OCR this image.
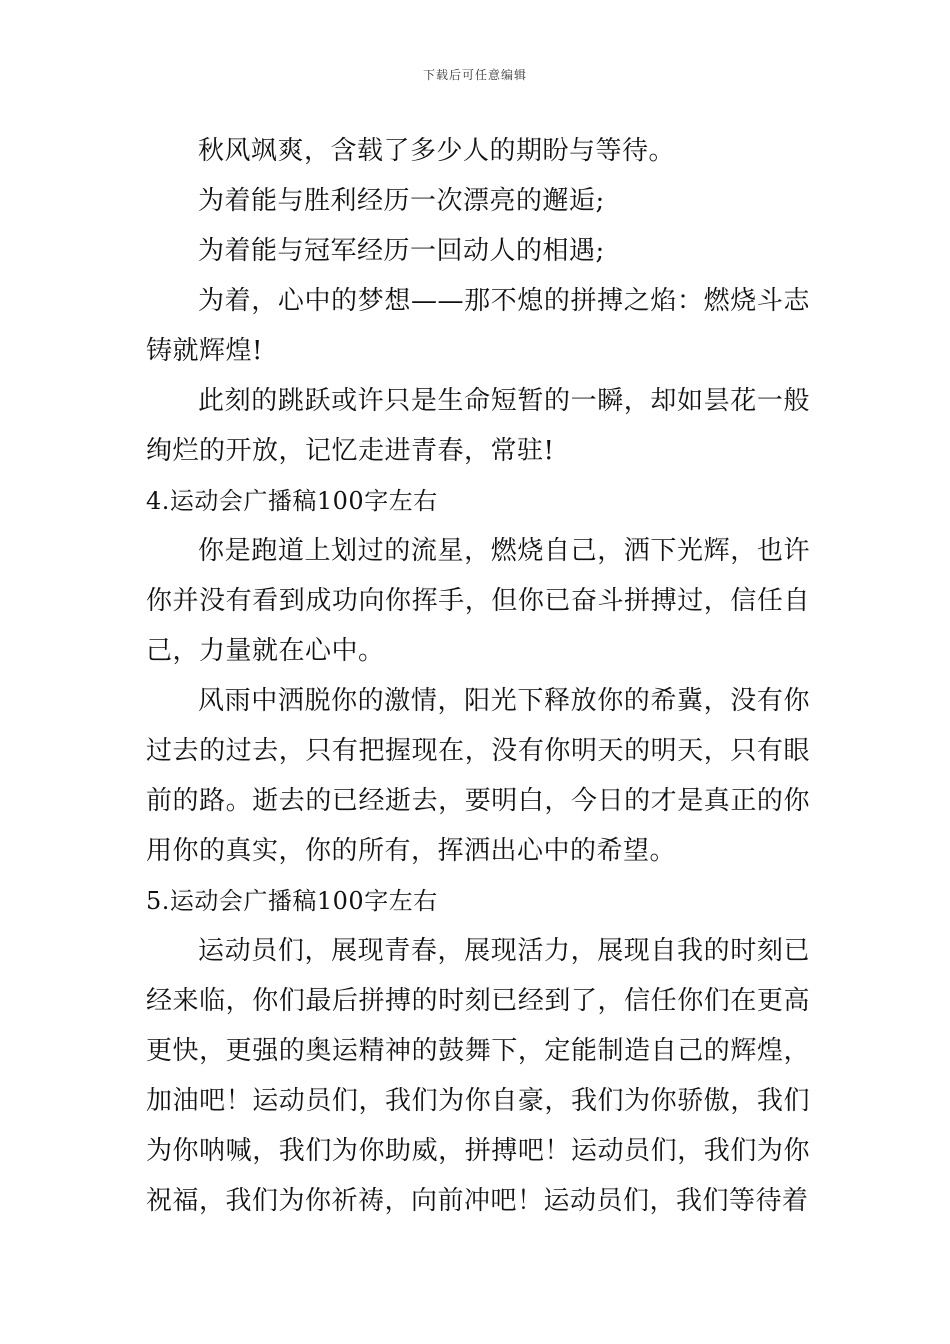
下载后可任意编辑

秋风飒爽，含载了多少人的期盼与等待。

为着能与胜利经历一次漂亮的邂逅;

为着能与冠军经历一回动人的相遇;

为着，心中的梦想——那不熄的拼搏之焰：燃烧斗志铸就辉煌!

此刻的跳跃或许只是生命短暂的一瞬，却如昙花一般绚烂的开放，记忆走进青春，常驻!

4.运动会广播稿100字左右

你是跑道上划过的流星，燃烧自己，洒下光辉，也许你并没有看到成功向你挥手，但你已奋斗拼搏过，信任自己，力量就在心中。

风雨中洒脱你的激情，阳光下释放你的希冀，没有你过去的过去，只有把握现在，没有你明天的明天，只有眼前的路。逝去的已经逝去，要明白，今日的才是真正的你用你的真实，你的所有，挥洒出心中的希望。

5.运动会广播稿100字左右

运动员们，展现青春，展现活力，展现自我的时刻已经来临，你们最后拼搏的时刻已经到了，信任你们在更高更快，更强的奥运精神的鼓舞下，定能制造自己的辉煌，加油吧！运动员们，我们为你自豪，我们为你骄傲，我们为你呐喊，我们为你助威，拼搏吧！运动员们，我们为你祝福，我们为你祈祷，向前冲吧！运动员们，我们等待着
